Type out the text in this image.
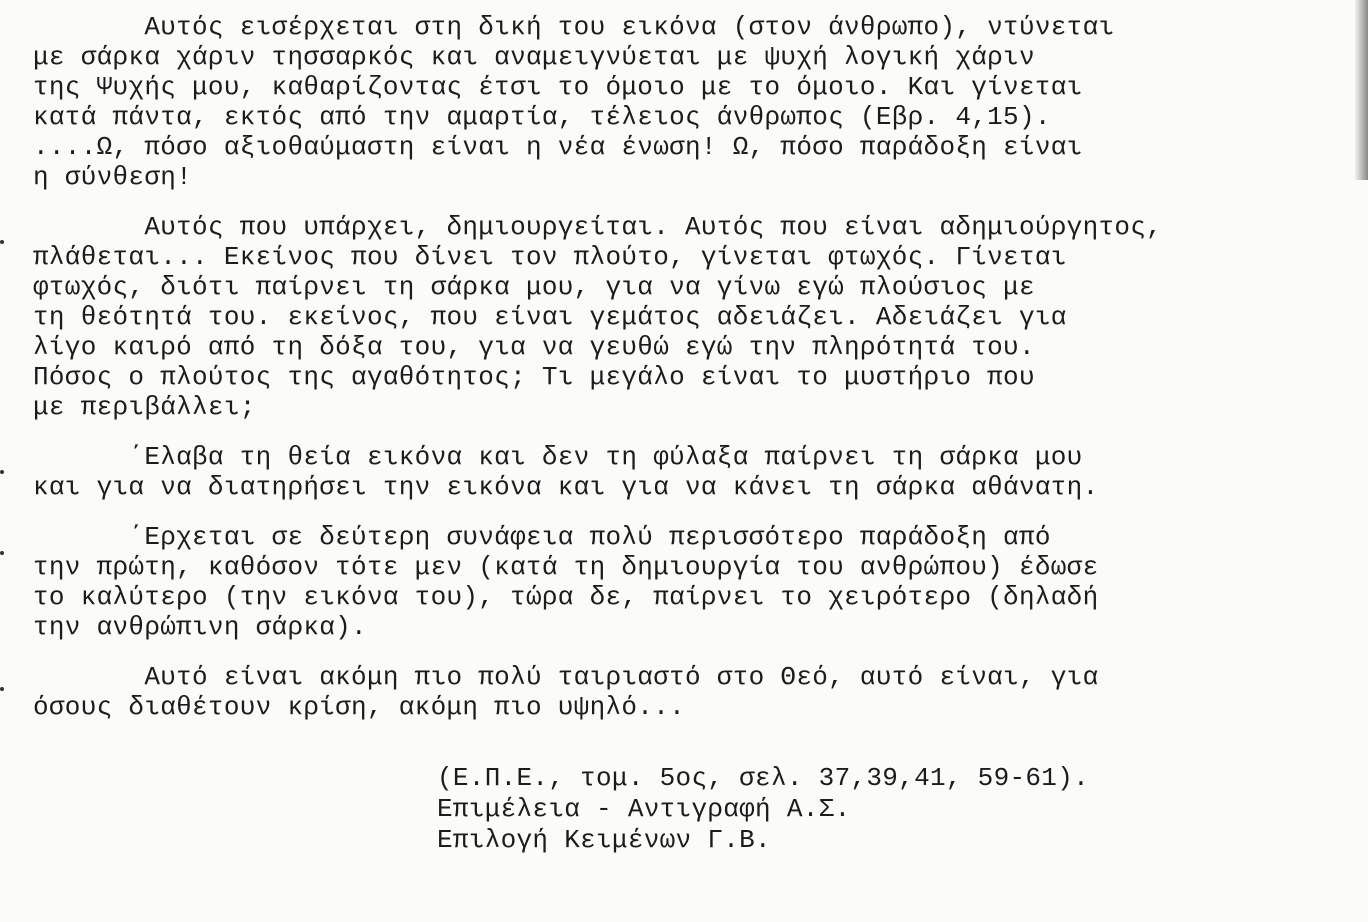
Αυτός εισέρχεται στη δική του εικόνα (στον άνθρωπο), ντύνεται
με σάρκα χάριν τησσαρκός και αναμειγνύεται με ψυχή λογική χάριν
της Ψυχής μου, καθαρίζοντας έτσι το όμοιο με το όμοιο. Και γίνεται
κατά πάντα, εκτός από την αμαρτία, τέλειος άνθρωπος (Εβρ. 4,15).
....Ω, πόσο αξιοθαύμαστη είναι η νέα ένωση! Ω, πόσο παράδοξη είναι
η σύνθεση!
Αυτός που υπάρχει, δημιουργείται. Αυτός που είναι αδημιούργητος,
πλάθεται... Εκείνος που δίνει τον πλούτο, γίνεται φτωχός. Γίνεται
φτωχός, διότι παίρνει τη σάρκα μου, για να γίνω εγώ πλούσιος με
τη θεότητά του. εκείνος, που είναι γεμάτος αδειάζει. Αδειάζει για
λίγο καιρό από τη δόξα του, για να γευθώ εγώ την πληρότητά του.
Πόσος ο πλούτος της αγαθότητος; Τι μεγάλο είναι το μυστήριο που
με περιβάλλει;
΄Ελαβα τη θεία εικόνα και δεν τη φύλαξα παίρνει τη σάρκα μου
και για να διατηρήσει την εικόνα και για να κάνει τη σάρκα αθάνατη.
΄Ερχεται σε δεύτερη συνάφεια πολύ περισσότερο παράδοξη από
την πρώτη, καθόσον τότε μεν (κατά τη δημιουργία του ανθρώπου) έδωσε
το καλύτερο (την εικόνα του), τώρα δε, παίρνει το χειρότερο (δηλαδή
την ανθρώπινη σάρκα).
Αυτό είναι ακόμη πιο πολύ ταιριαστό στο Θεό, αυτό είναι, για
όσους διαθέτουν κρίση, ακόμη πιο υψηλό...
(Ε.Π.Ε., τομ. 5ος, σελ. 37,39,41, 59-61).
Επιμέλεια - Αντιγραφή Α.Σ.
Επιλογή Κειμένων Γ.Β.
